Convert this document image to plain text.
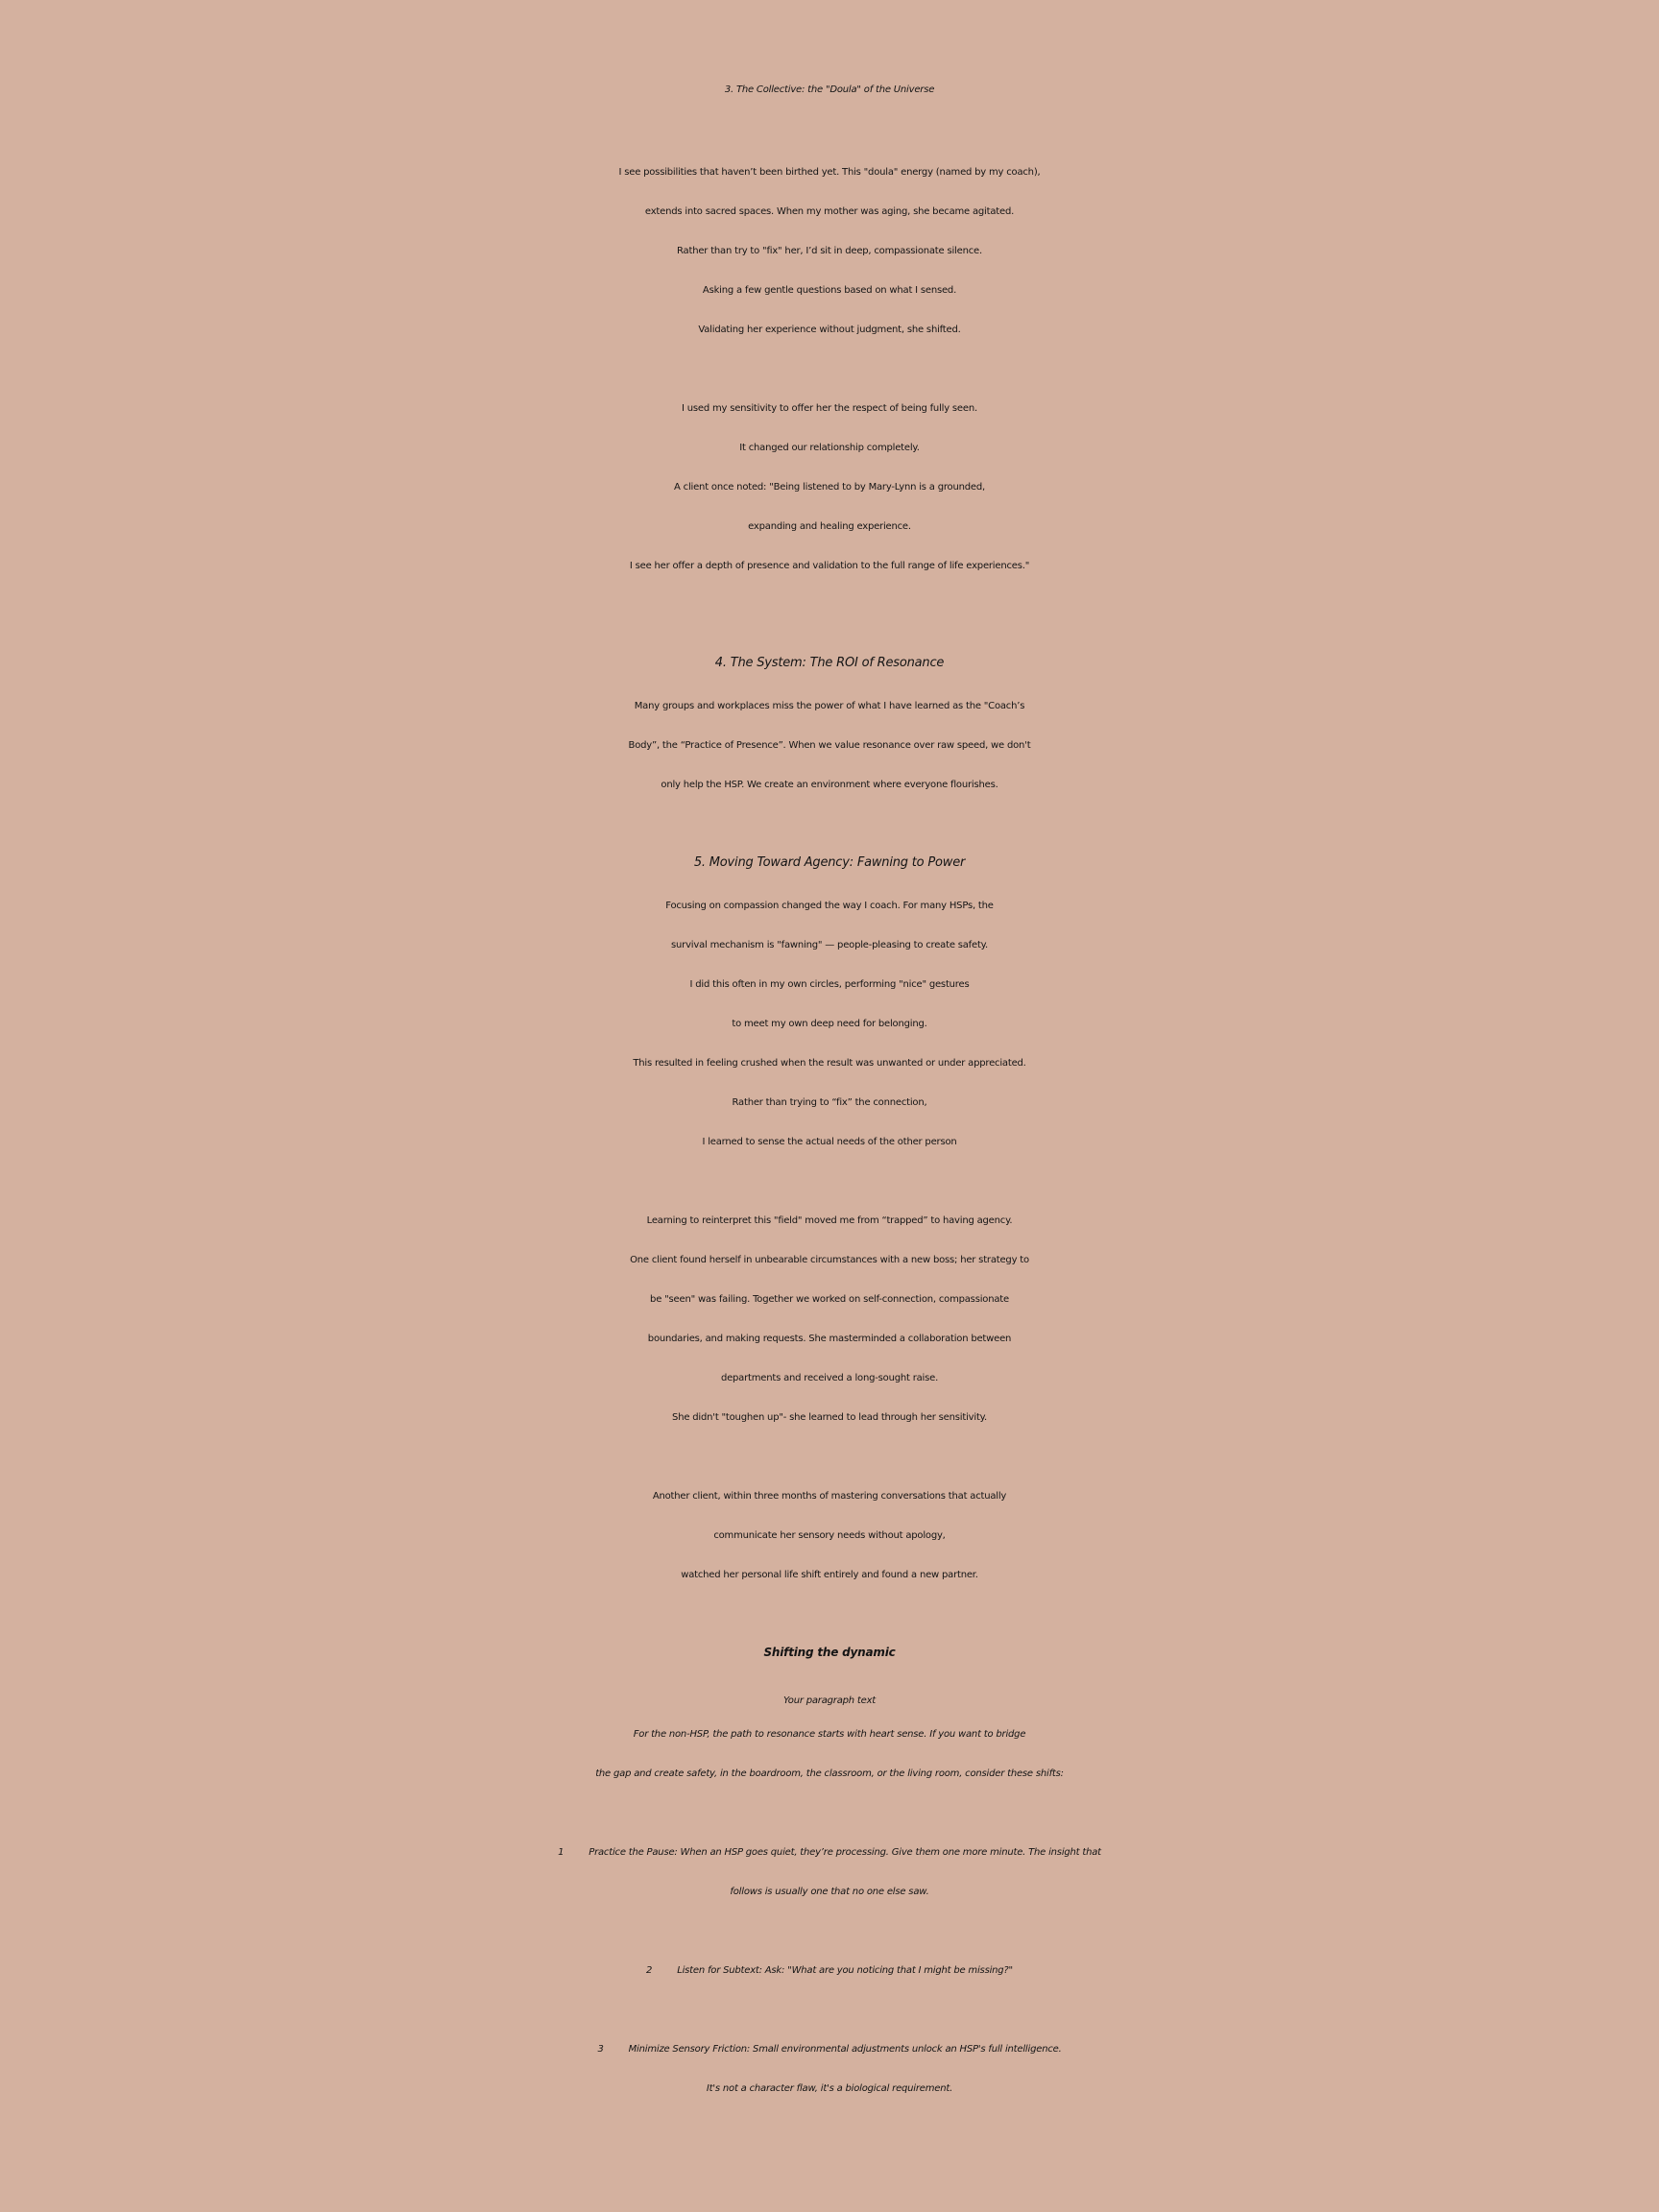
3. The Collective: the "Doula" of the Universe
I see possibilities that haven’t been birthed yet. This "doula" energy (named by my coach),
extends into sacred spaces. When my mother was aging, she became agitated.
Rather than try to "fix" her, I’d sit in deep, compassionate silence.
Asking a few gentle questions based on what I sensed.
Validating her experience without judgment, she shifted.
I used my sensitivity to offer her the respect of being fully seen.
It changed our relationship completely.
A client once noted: "Being listened to by Mary-Lynn is a grounded,
expanding and healing experience.
I see her offer a depth of presence and validation to the full range of life experiences."
4. The System: The ROI of Resonance
Many groups and workplaces miss the power of what I have learned as the "Coach’s
Body”, the “Practice of Presence”. When we value resonance over raw speed, we don't
only help the HSP. We create an environment where everyone flourishes.
5. Moving Toward Agency: Fawning to Power
Focusing on compassion changed the way I coach. For many HSPs, the
survival mechanism is "fawning" — people-pleasing to create safety.
I did this often in my own circles, performing "nice" gestures
to meet my own deep need for belonging.
This resulted in feeling crushed when the result was unwanted or under appreciated.
Rather than trying to “fix” the connection,
I learned to sense the actual needs of the other person
Learning to reinterpret this "field" moved me from “trapped” to having agency.
One client found herself in unbearable circumstances with a new boss; her strategy to
be "seen" was failing. Together we worked on self-connection, compassionate
boundaries, and making requests. She masterminded a collaboration between
departments and received a long-sought raise.
She didn't "toughen up"- she learned to lead through her sensitivity.
Another client, within three months of mastering conversations that actually
communicate her sensory needs without apology,
watched her personal life shift entirely and found a new partner.
Shifting the dynamic
Your paragraph text
For the non-HSP, the path to resonance starts with heart sense. If you want to bridge
the gap and create safety, in the boardroom, the classroom, or the living room, consider these shifts:
1	Practice the Pause: When an HSP goes quiet, they’re processing. Give them one more minute. The insight that
follows is usually one that no one else saw.
2	Listen for Subtext: Ask: "What are you noticing that I might be missing?"
3	Minimize Sensory Friction: Small environmental adjustments unlock an HSP's full intelligence.
It's not a character flaw, it's a biological requirement.
